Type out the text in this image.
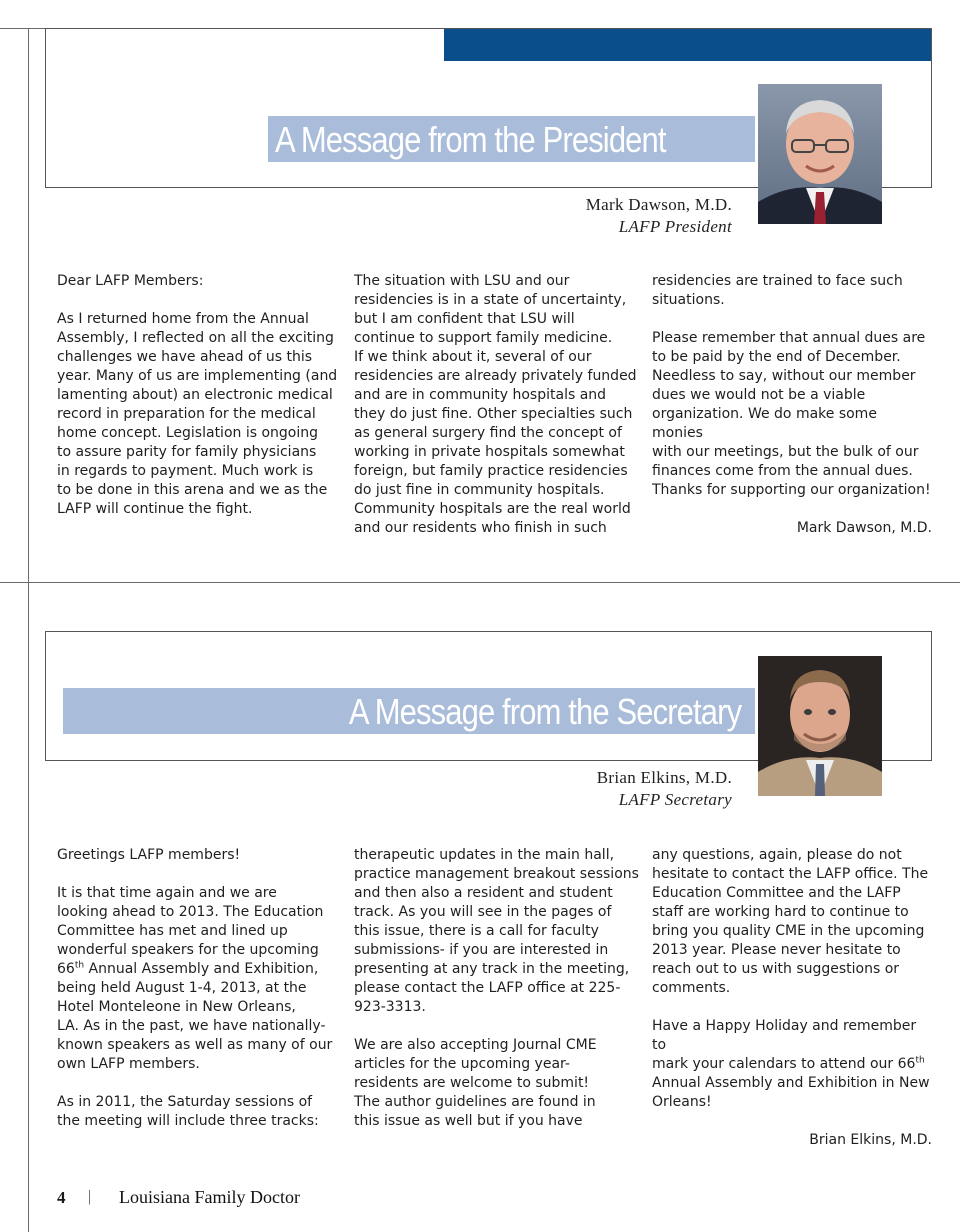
A Message from the President
Mark Dawson, M.D.
LAFP President

Dear LAFP Members:

As I returned home from the Annual

Assembly, I reflected on all the exciting

challenges we have ahead of us this

year. Many of us are implementing (and

lamenting about) an electronic medical

record in preparation for the medical

home concept. Legislation is ongoing

to assure parity for family physicians

in regards to payment. Much work is

to be done in this arena and we as the

LAFP will continue the fight.

The situation with LSU and our

residencies is in a state of uncertainty,

but I am confident that LSU will

continue to support family medicine.

If we think about it, several of our

residencies are already privately funded

and are in community hospitals and

they do just fine. Other specialties such

as general surgery find the concept of

working in private hospitals somewhat

foreign, but family practice residencies

do just fine in community hospitals.

Community hospitals are the real world

and our residents who finish in such

residencies are trained to face such

situations.

Please remember that annual dues are

to be paid by the end of December.

Needless to say, without our member

dues we would not be a viable

organization. We do make some monies

with our meetings, but the bulk of our

finances come from the annual dues.

Thanks for supporting our organization!

Mark Dawson, M.D.

A Message from the Secretary
Brian Elkins, M.D.
LAFP Secretary

Greetings LAFP members!

It is that time again and we are

looking ahead to 2013. The Education

Committee has met and lined up

wonderful speakers for the upcoming

66th Annual Assembly and Exhibition,

being held August 1-4, 2013, at the

Hotel Monteleone in New Orleans,

LA. As in the past, we have nationally-

known speakers as well as many of our

own LAFP members.

As in 2011, the Saturday sessions of

the meeting will include three tracks:

therapeutic updates in the main hall,

practice management breakout sessions

and then also a resident and student

track. As you will see in the pages of

this issue, there is a call for faculty

submissions- if you are interested in

presenting at any track in the meeting,

please contact the LAFP office at 225-

923-3313.

We are also accepting Journal CME

articles for the upcoming year-

residents are welcome to submit!

The author guidelines are found in

this issue as well but if you have

any questions, again, please do not

hesitate to contact the LAFP office. The

Education Committee and the LAFP

staff are working hard to continue to

bring you quality CME in the upcoming

2013 year. Please never hesitate to

reach out to us with suggestions or

comments.

Have a Happy Holiday and remember to

mark your calendars to attend our 66th

Annual Assembly and Exhibition in New

Orleans!

Brian Elkins, M.D.

4 | Louisiana Family Doctor
